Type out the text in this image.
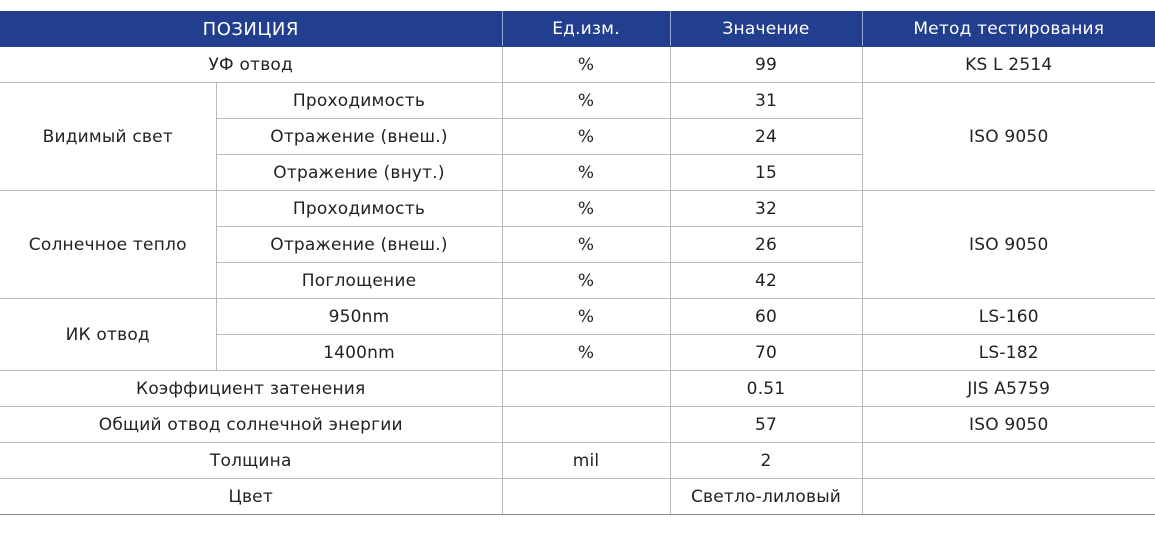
ПОЗИЦИЯ		Ед.изм.	Значение	Метод тестирования
УФ отвод		%	99	KS L 2514
Видимый свет	Проходимость	%	31	ISO 9050
	Отражение (внеш.)	%	24	
	Отражение (внут.)	%	15	
Солнечное тепло	Проходимость	%	32	ISO 9050
	Отражение (внеш.)	%	26	
	Поглощение	%	42	
ИК отвод	950nm	%	60	LS-160
	1400nm	%	70	LS-182
Коэффициент затенения			0.51	JIS A5759
Общий отвод солнечной энергии			57	ISO 9050
Толщина		mil	2	
Цвет			Светло-лиловый	
